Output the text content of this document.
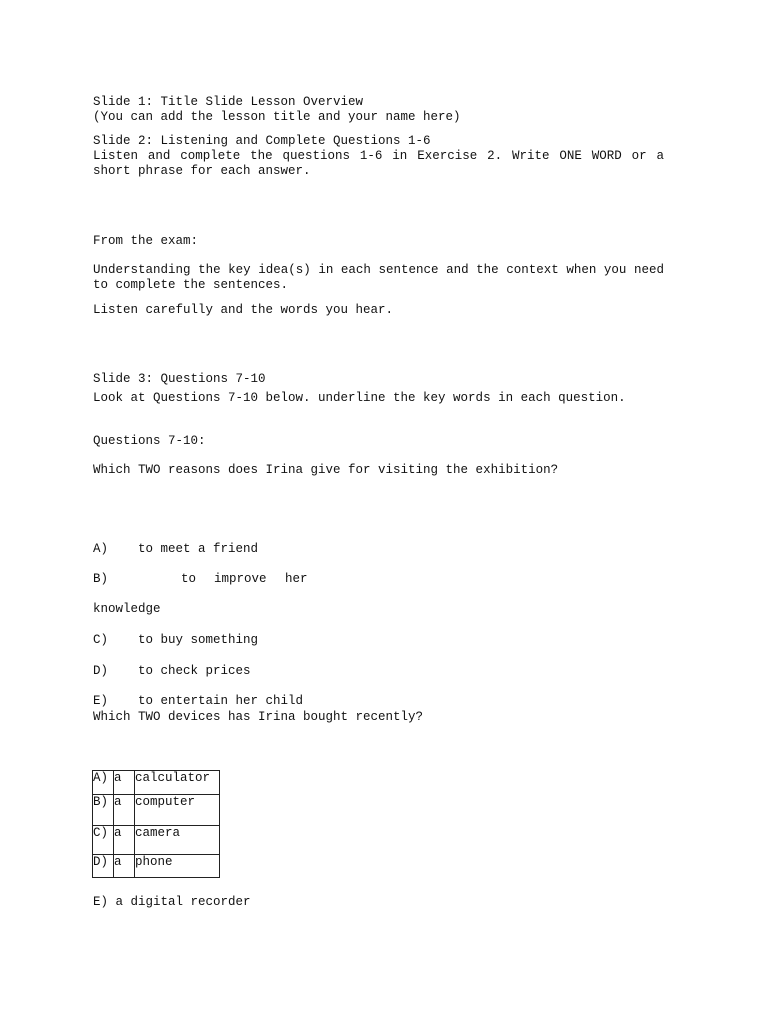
Slide 1: Title Slide Lesson Overview
(You can add the lesson title and your name here)
Slide 2: Listening and Complete Questions 1-6

Listen and complete the questions 1-6 in Exercise 2. Write ONE WORD or a short phrase for each answer.

From the exam:

Understanding the key idea(s) in each sentence and the context when you need to complete the sentences.

Listen carefully and the words you hear.
Slide 3: Questions 7-10
Look at Questions 7-10 below. underline the key words in each question.
Questions 7-10:
Which TWO reasons does Irina give for visiting the exhibition?
A) to meet a friend
B)	to improve her
knowledge
C) to buy something
D) to check prices
E) to entertain her child
Which TWO devices has Irina bought recently?
A)	a	calculator
B)	a	computer
C)	a	camera
D)	a	phone
E) a digital recorder
